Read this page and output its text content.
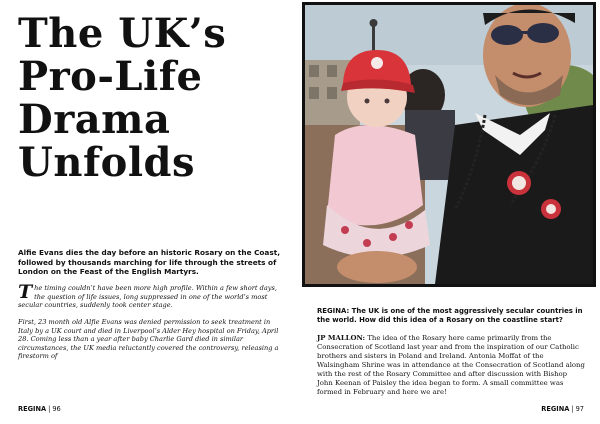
The UK’s
Pro-Life
Drama
Unfolds

Alfie Evans dies the day before an historic Rosary on the Coast, followed by thousands marching for life through the streets of London on the Feast of the English Martyrs.

The timing couldn’t have been more high profile. Within a few short days, the question of life issues, long suppressed in one of the world’s most secular countries, suddenly took center stage.

First, 23 month old Alfie Evans was denied permission to seek treatment in Italy by a UK court and died in Liverpool’s Alder Hey hospital on Friday, April 28. Coming less than a year after baby Charlie Gard died in similar circumstances, the UK media reluctantly covered the controversy, releasing a firestorm of

REGINA | 96

REGINA: The UK is one of the most aggressively secular countries in the world. How did this idea of a Rosary on the coastline start?

JP MALLON: The idea of the Rosary here came primarily from the Consecration of Scotland last year and from the inspiration of our Catholic brothers and sisters in Poland and Ireland. Antonia Moffat of the Walsingham Shrine was in attendance at the Consecration of Scotland along with the rest of the Rosary Committee and after discussion with Bishop John Keenan of Paisley the idea began to form. A small committee was formed in February and here we are!

REGINA | 97
